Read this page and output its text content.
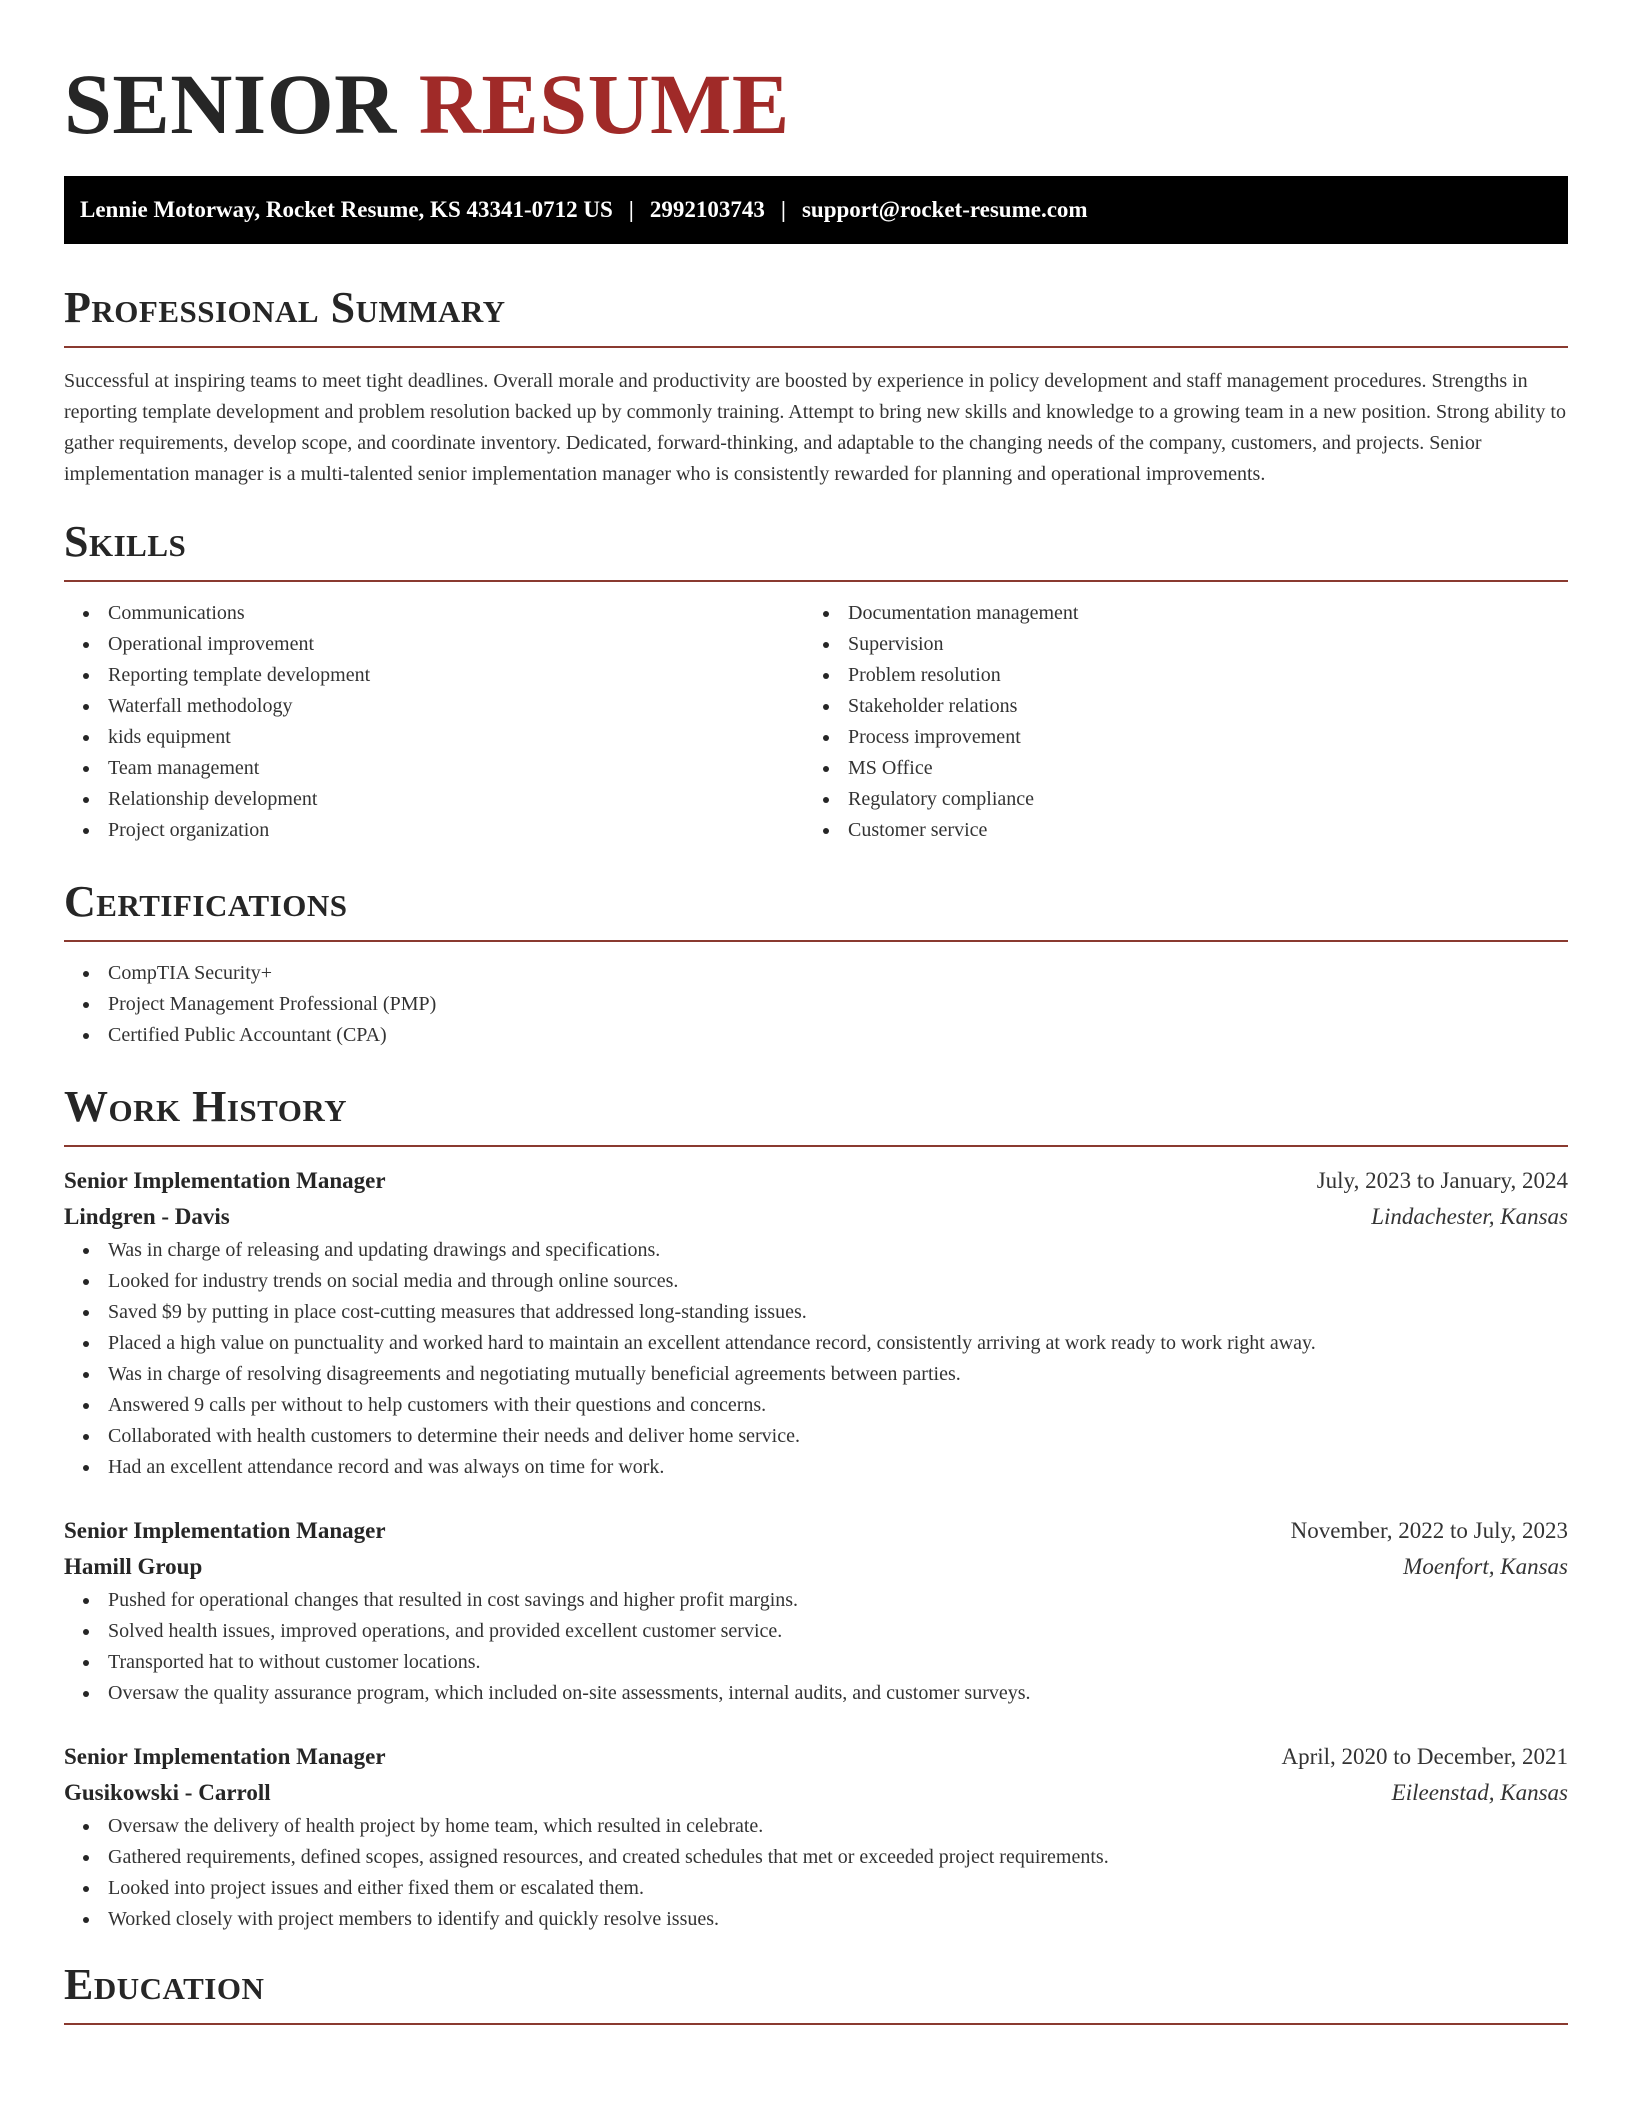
SENIOR RESUME
Lennie Motorway, Rocket Resume, KS 43341-0712 US | 2992103743 | support@rocket-resume.com
Professional Summary

Successful at inspiring teams to meet tight deadlines. Overall morale and productivity are boosted by experience in policy development and staff management procedures. Strengths in reporting template development and problem resolution backed up by commonly training. Attempt to bring new skills and knowledge to a growing team in a new position. Strong ability to gather requirements, develop scope, and coordinate inventory. Dedicated, forward-thinking, and adaptable to the changing needs of the company, customers, and projects. Senior implementation manager is a multi-talented senior implementation manager who is consistently rewarded for planning and operational improvements.

Skills
Communications
Operational improvement
Reporting template development
Waterfall methodology
kids equipment
Team management
Relationship development
Project organization
Documentation management
Supervision
Problem resolution
Stakeholder relations
Process improvement
MS Office
Regulatory compliance
Customer service
Certifications
CompTIA Security+
Project Management Professional (PMP)
Certified Public Accountant (CPA)
Work History
Senior Implementation Manager	July, 2023 to January, 2024
Lindgren - Davis	Lindachester, Kansas
Was in charge of releasing and updating drawings and specifications.
Looked for industry trends on social media and through online sources.
Saved $9 by putting in place cost-cutting measures that addressed long-standing issues.
Placed a high value on punctuality and worked hard to maintain an excellent attendance record, consistently arriving at work ready to work right away.
Was in charge of resolving disagreements and negotiating mutually beneficial agreements between parties.
Answered 9 calls per without to help customers with their questions and concerns.
Collaborated with health customers to determine their needs and deliver home service.
Had an excellent attendance record and was always on time for work.
Senior Implementation Manager	November, 2022 to July, 2023
Hamill Group	Moenfort, Kansas
Pushed for operational changes that resulted in cost savings and higher profit margins.
Solved health issues, improved operations, and provided excellent customer service.
Transported hat to without customer locations.
Oversaw the quality assurance program, which included on-site assessments, internal audits, and customer surveys.
Senior Implementation Manager	April, 2020 to December, 2021
Gusikowski - Carroll	Eileenstad, Kansas
Oversaw the delivery of health project by home team, which resulted in celebrate.
Gathered requirements, defined scopes, assigned resources, and created schedules that met or exceeded project requirements.
Looked into project issues and either fixed them or escalated them.
Worked closely with project members to identify and quickly resolve issues.
Education
